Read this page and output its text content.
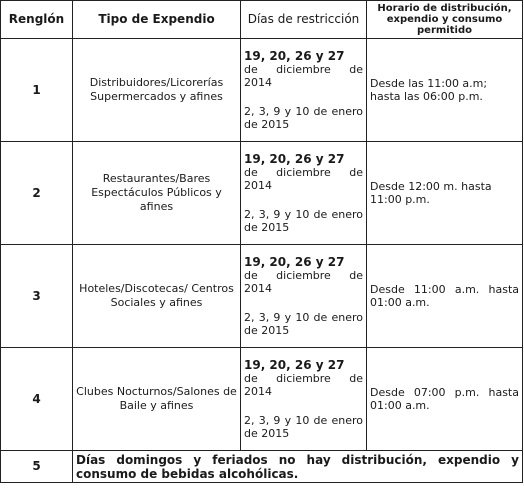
Renglón	Tipo de Expendio	Días de restricción	Horario de distribución, expendio y consumo permitido
1	Distribuidores/Licorerías Supermercados y afines	19, 20, 26 y 27
de diciembre de 2014
2, 3, 9 y 10 de enero de 2015	Desde las 11:00 a.m; hasta las 06:00 p.m.
2	Restaurantes/Bares Espectáculos Públicos y afines	19, 20, 26 y 27
de diciembre de 2014
2, 3, 9 y 10 de enero de 2015	Desde 12:00 m. hasta 11:00 p.m.
3	Hoteles/Discotecas/ Centros Sociales y afines	19, 20, 26 y 27
de diciembre de 2014
2, 3, 9 y 10 de enero de 2015	Desde 11:00 a.m. hasta 01:00 a.m.
4	Clubes Nocturnos/Salones de Baile y afines	19, 20, 26 y 27
de diciembre de 2014
2, 3, 9 y 10 de enero de 2015	Desde 07:00 p.m. hasta 01:00 a.m.
5	Días domingos y feriados no hay distribución, expendio y consumo de bebidas alcohólicas.		
